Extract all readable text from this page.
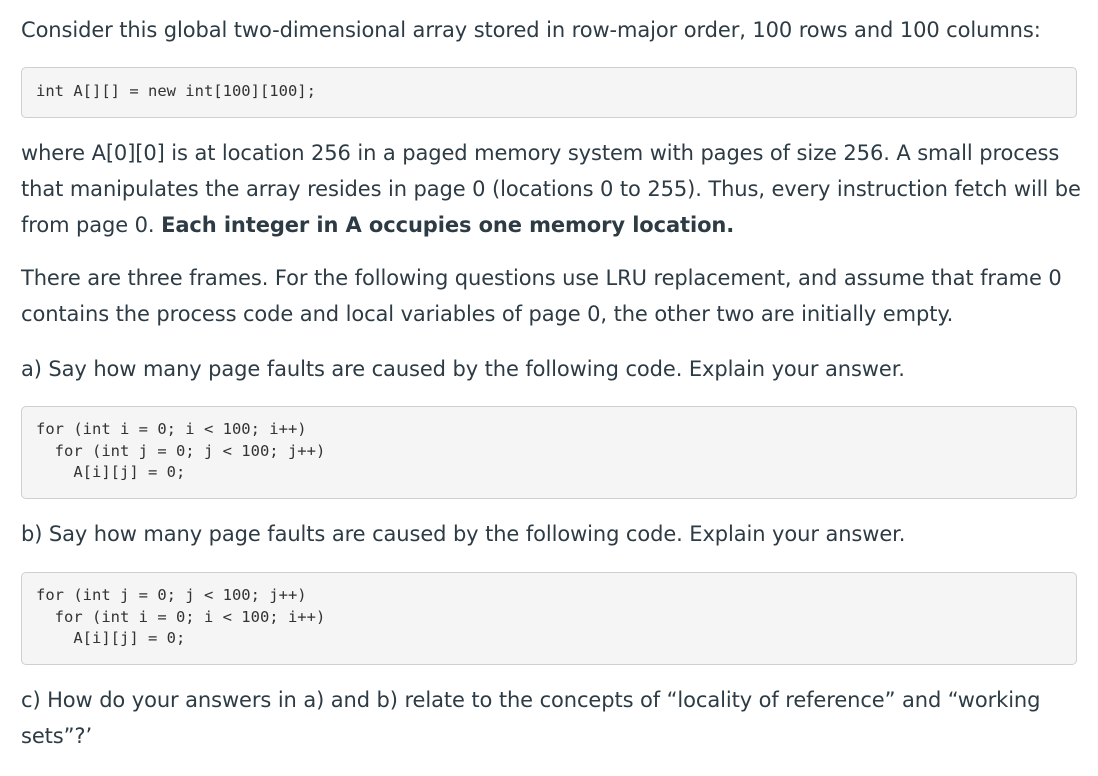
Consider this global two-dimensional array stored in row-major order, 100 rows and 100 columns:

int A[][] = new int[100][100];

where A[0][0] is at location 256 in a paged memory system with pages of size 256. A small process that manipulates the array resides in page 0 (locations 0 to 255). Thus, every instruction fetch will be from page 0. Each integer in A occupies one memory location.

There are three frames. For the following questions use LRU replacement, and assume that frame 0 contains the process code and local variables of page 0, the other two are initially empty.

a) Say how many page faults are caused by the following code. Explain your answer.

for (int i = 0; i < 100; i++)
for (int j = 0; j < 100; j++)
A[i][j] = 0;

b) Say how many page faults are caused by the following code. Explain your answer.

for (int j = 0; j < 100; j++)
for (int i = 0; i < 100; i++)
A[i][j] = 0;

c) How do your answers in a) and b) relate to the concepts of “locality of reference” and “working sets”?’
